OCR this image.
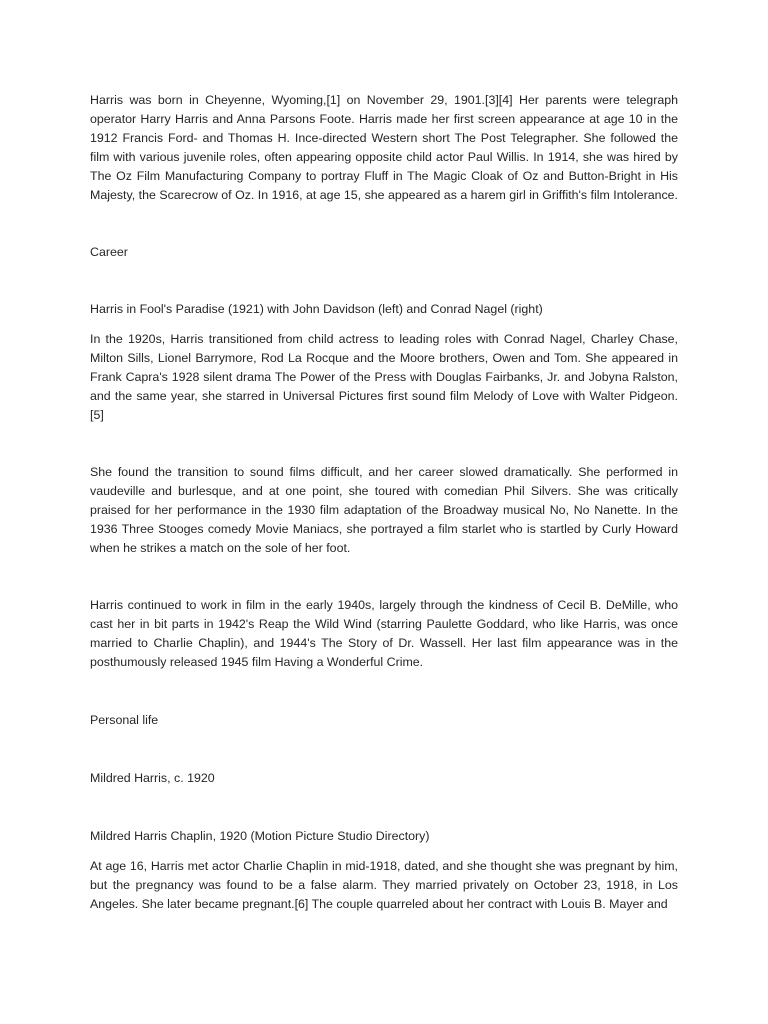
Harris was born in Cheyenne, Wyoming,[1] on November 29, 1901.[3][4] Her parents were telegraph operator Harry Harris and Anna Parsons Foote. Harris made her first screen appearance at age 10 in the 1912 Francis Ford- and Thomas H. Ince-directed Western short The Post Telegrapher. She followed the film with various juvenile roles, often appearing opposite child actor Paul Willis. In 1914, she was hired by The Oz Film Manufacturing Company to portray Fluff in The Magic Cloak of Oz and Button-Bright in His Majesty, the Scarecrow of Oz. In 1916, at age 15, she appeared as a harem girl in Griffith's film Intolerance.

Career

Harris in Fool's Paradise (1921) with John Davidson (left) and Conrad Nagel (right)

In the 1920s, Harris transitioned from child actress to leading roles with Conrad Nagel, Charley Chase, Milton Sills, Lionel Barrymore, Rod La Rocque and the Moore brothers, Owen and Tom. She appeared in Frank Capra's 1928 silent drama The Power of the Press with Douglas Fairbanks, Jr. and Jobyna Ralston, and the same year, she starred in Universal Pictures first sound film Melody of Love with Walter Pidgeon.[5]

She found the transition to sound films difficult, and her career slowed dramatically. She performed in vaudeville and burlesque, and at one point, she toured with comedian Phil Silvers. She was critically praised for her performance in the 1930 film adaptation of the Broadway musical No, No Nanette. In the 1936 Three Stooges comedy Movie Maniacs, she portrayed a film starlet who is startled by Curly Howard when he strikes a match on the sole of her foot.

Harris continued to work in film in the early 1940s, largely through the kindness of Cecil B. DeMille, who cast her in bit parts in 1942's Reap the Wild Wind (starring Paulette Goddard, who like Harris, was once married to Charlie Chaplin), and 1944's The Story of Dr. Wassell. Her last film appearance was in the posthumously released 1945 film Having a Wonderful Crime.

Personal life

Mildred Harris, c. 1920

Mildred Harris Chaplin, 1920 (Motion Picture Studio Directory)

At age 16, Harris met actor Charlie Chaplin in mid-1918, dated, and she thought she was pregnant by him, but the pregnancy was found to be a false alarm. They married privately on October 23, 1918, in Los Angeles. She later became pregnant.[6] The couple quarreled about her contract with Louis B. Mayer and
